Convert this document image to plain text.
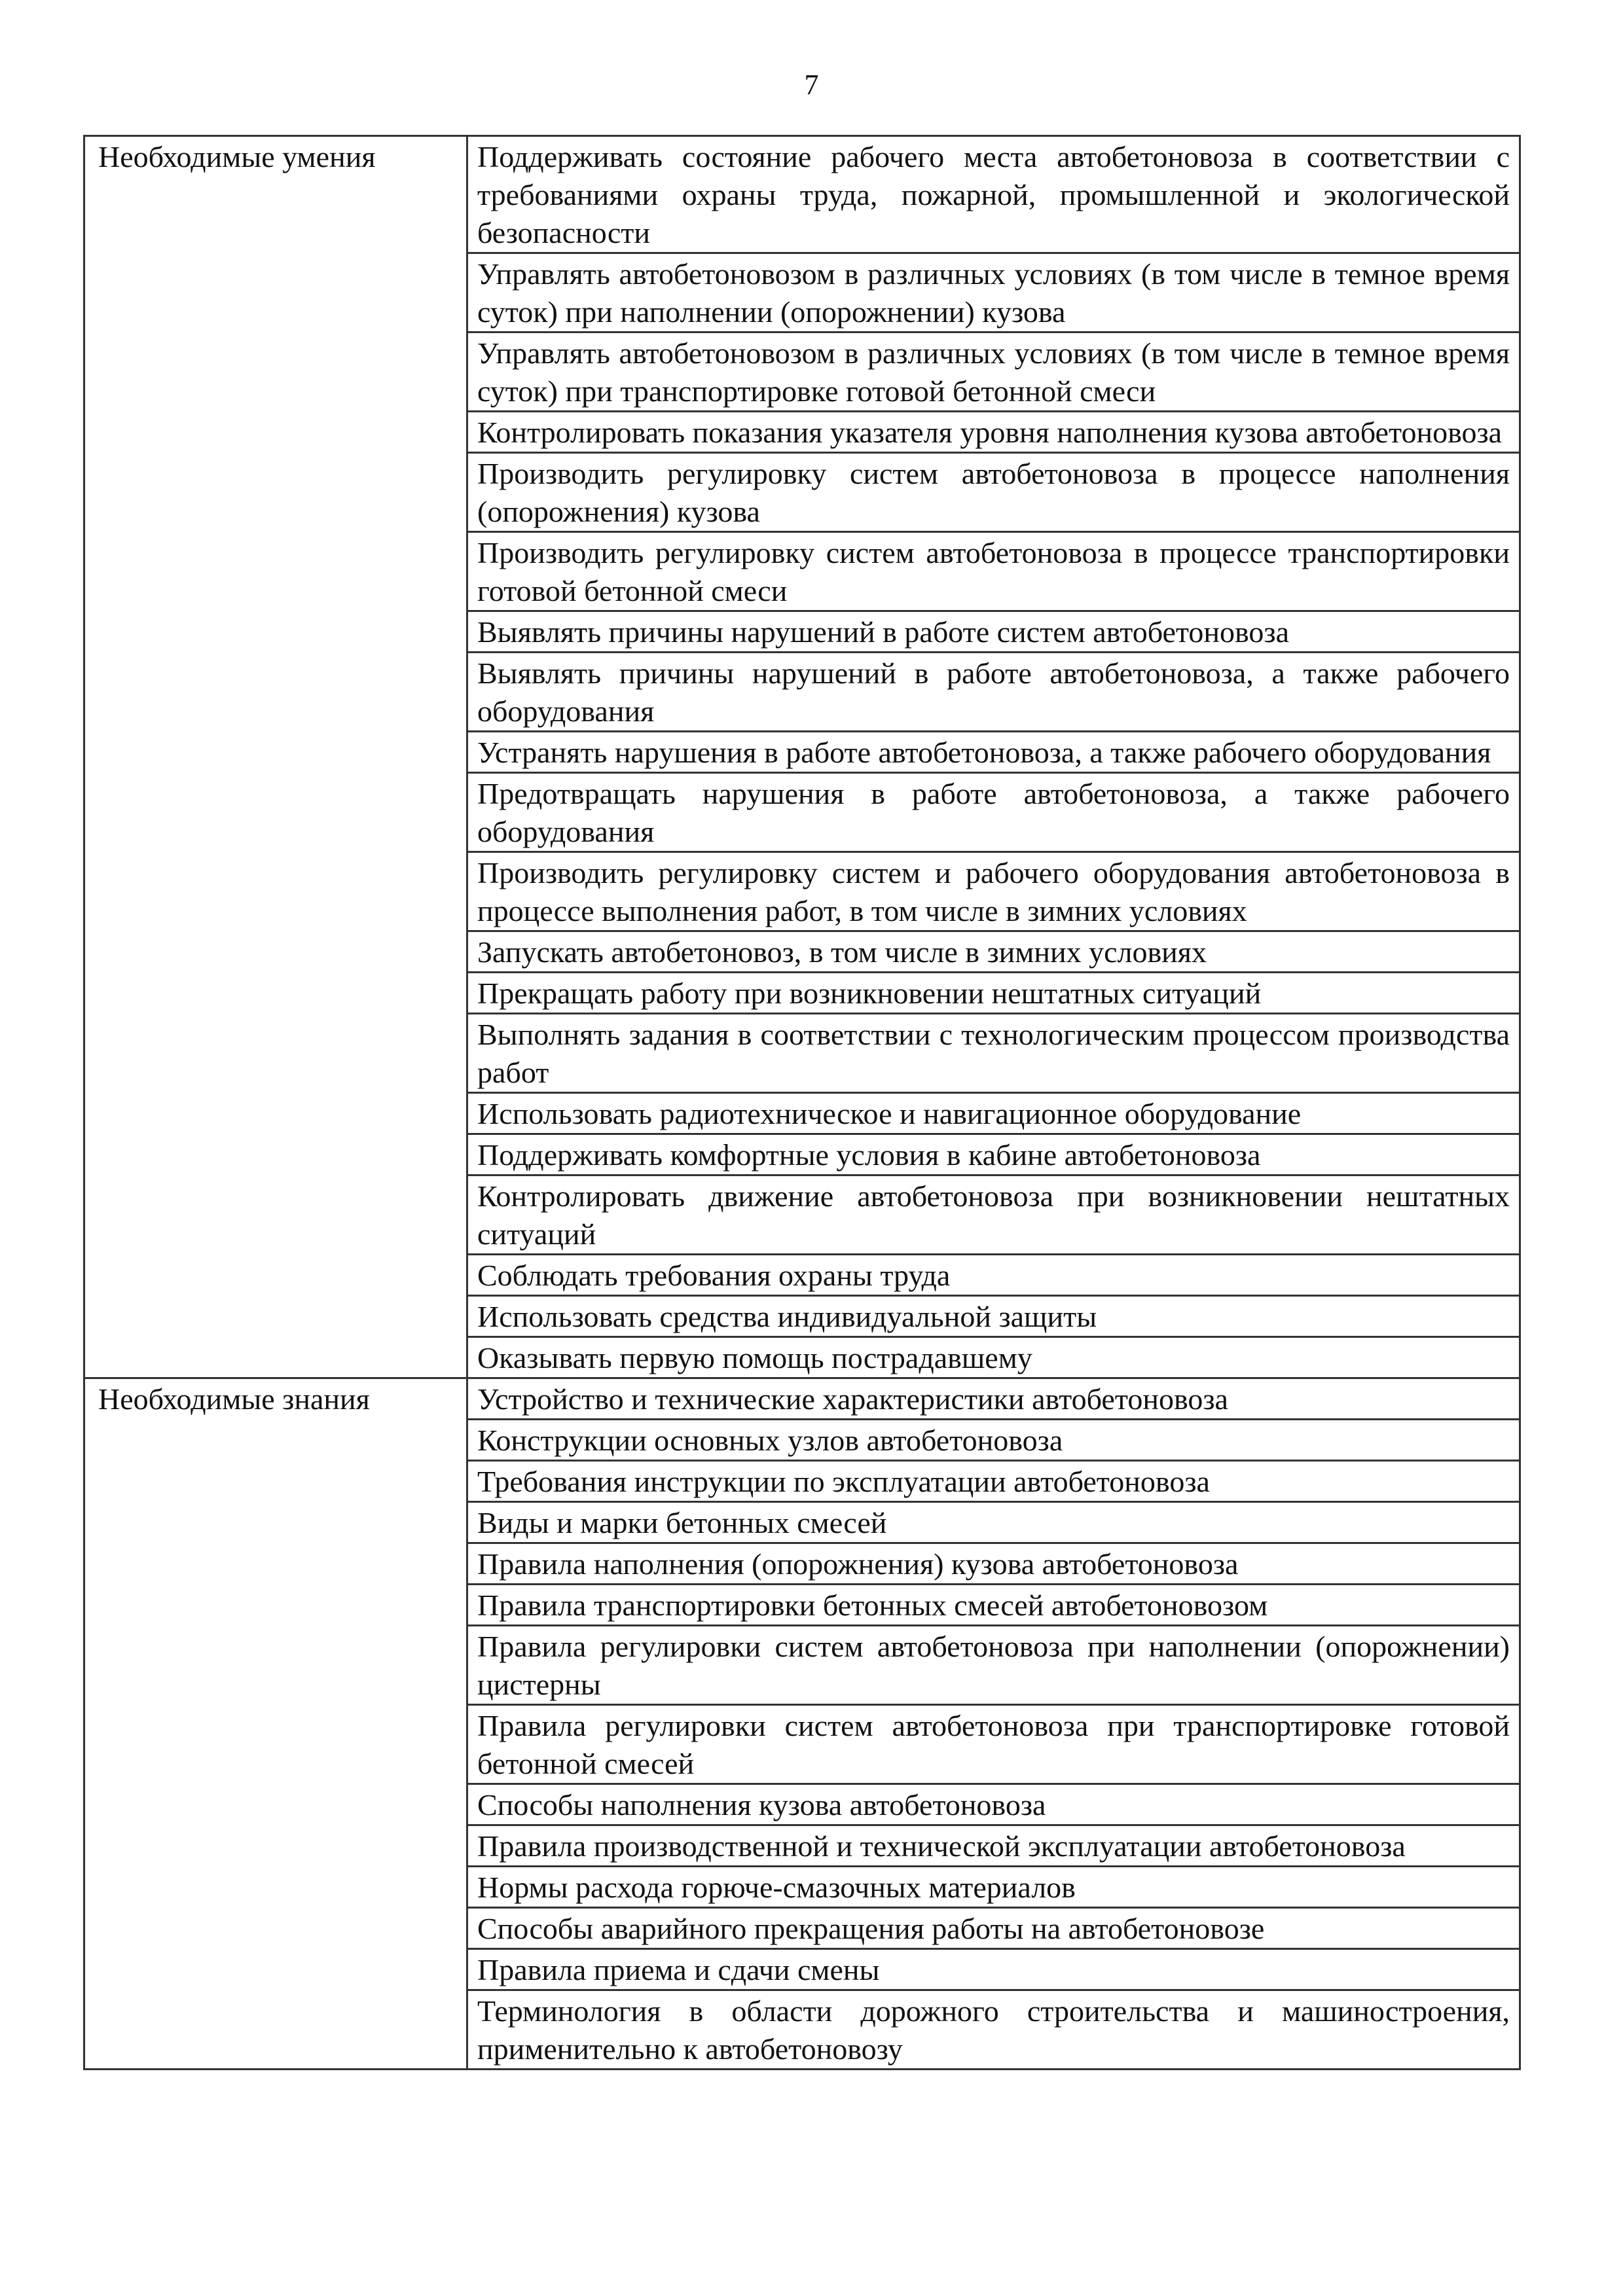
7
Необходимые умения	Поддерживать состояние рабочего места автобетоновоза в соответствии с требованиями охраны труда, пожарной, промышленной и экологической безопасности
	Управлять автобетоновозом в различных условиях (в том числе в темное время суток) при наполнении (опорожнении) кузова
	Управлять автобетоновозом в различных условиях (в том числе в темное время суток) при транспортировке готовой бетонной смеси
	Контролировать показания указателя уровня наполнения кузова автобетоновоза
	Производить регулировку систем автобетоновоза в процессе наполнения (опорожнения) кузова
	Производить регулировку систем автобетоновоза в процессе транспортировки готовой бетонной смеси
	Выявлять причины нарушений в работе систем автобетоновоза
	Выявлять причины нарушений в работе автобетоновоза, а также рабочего оборудования
	Устранять нарушения в работе автобетоновоза, а также рабочего оборудования
	Предотвращать нарушения в работе автобетоновоза, а также рабочего оборудования
	Производить регулировку систем и рабочего оборудования автобетоновоза в процессе выполнения работ, в том числе в зимних условиях
	Запускать автобетоновоз, в том числе в зимних условиях
	Прекращать работу при возникновении нештатных ситуаций
	Выполнять задания в соответствии с технологическим процессом производства работ
	Использовать радиотехническое и навигационное оборудование
	Поддерживать комфортные условия в кабине автобетоновоза
	Контролировать движение автобетоновоза при возникновении нештатных ситуаций
	Соблюдать требования охраны труда
	Использовать средства индивидуальной защиты
	Оказывать первую помощь пострадавшему
Необходимые знания	Устройство и технические характеристики автобетоновоза
	Конструкции основных узлов автобетоновоза
	Требования инструкции по эксплуатации автобетоновоза
	Виды и марки бетонных смесей
	Правила наполнения (опорожнения) кузова автобетоновоза
	Правила транспортировки бетонных смесей автобетоновозом
	Правила регулировки систем автобетоновоза при наполнении (опорожнении) цистерны
	Правила регулировки систем автобетоновоза при транспортировке готовой бетонной смесей
	Способы наполнения кузова автобетоновоза
	Правила производственной и технической эксплуатации автобетоновоза
	Нормы расхода горюче-смазочных материалов
	Способы аварийного прекращения работы на автобетоновозе
	Правила приема и сдачи смены
	Терминология в области дорожного строительства и машиностроения, применительно к автобетоновозу
